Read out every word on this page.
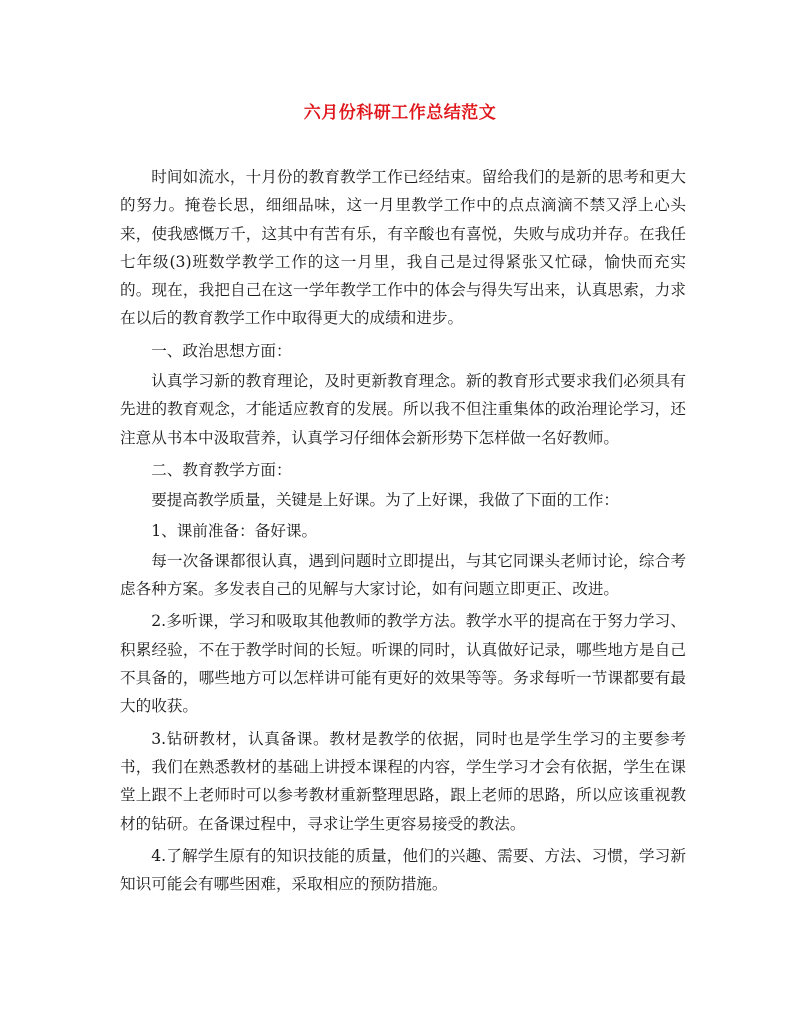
六月份科研工作总结范文

时间如流水，十月份的教育教学工作已经结束。留给我们的是新的思考和更大的努力。掩卷长思，细细品味，这一月里教学工作中的点点滴滴不禁又浮上心头来，使我感慨万千，这其中有苦有乐，有辛酸也有喜悦，失败与成功并存。在我任七年级(3)班数学教学工作的这一月里，我自己是过得紧张又忙碌，愉快而充实的。现在，我把自己在这一学年教学工作中的体会与得失写出来，认真思索，力求在以后的教育教学工作中取得更大的成绩和进步。

一、政治思想方面：

认真学习新的教育理论，及时更新教育理念。新的教育形式要求我们必须具有先进的教育观念，才能适应教育的发展。所以我不但注重集体的政治理论学习，还注意从书本中汲取营养，认真学习仔细体会新形势下怎样做一名好教师。

二、教育教学方面：

要提高教学质量，关键是上好课。为了上好课，我做了下面的工作：

1、课前准备：备好课。

每一次备课都很认真，遇到问题时立即提出，与其它同课头老师讨论，综合考虑各种方案。多发表自己的见解与大家讨论，如有问题立即更正、改进。

2.多听课，学习和吸取其他教师的教学方法。教学水平的提高在于努力学习、积累经验，不在于教学时间的长短。听课的同时，认真做好记录，哪些地方是自己不具备的，哪些地方可以怎样讲可能有更好的效果等等。务求每听一节课都要有最大的收获。

3.钻研教材，认真备课。教材是教学的依据，同时也是学生学习的主要参考书，我们在熟悉教材的基础上讲授本课程的内容，学生学习才会有依据，学生在课堂上跟不上老师时可以参考教材重新整理思路，跟上老师的思路，所以应该重视教材的钻研。在备课过程中，寻求让学生更容易接受的教法。

4.了解学生原有的知识技能的质量，他们的兴趣、需要、方法、习惯，学习新知识可能会有哪些困难，采取相应的预防措施。
